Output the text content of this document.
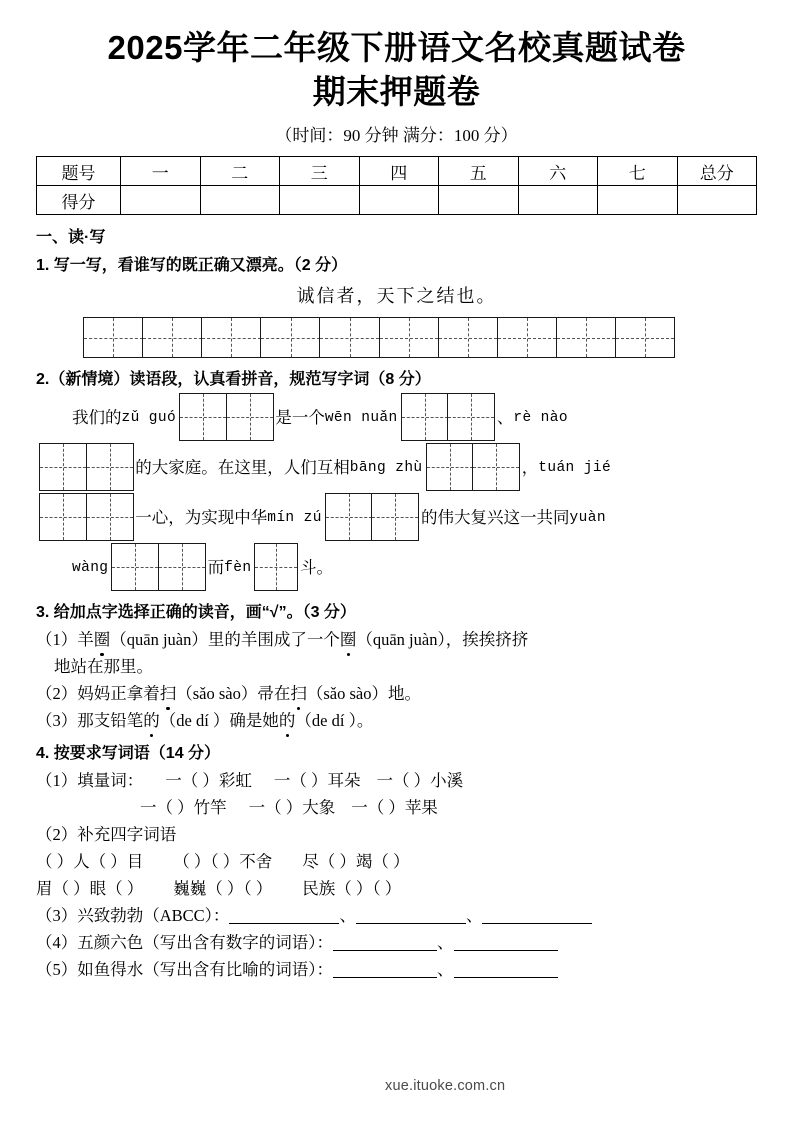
2025学年二年级下册语文名校真题试卷
期末押题卷
（时间：90 分钟 满分：100 分）
题号	一	二	三	四	五	六	七	总分
得分								
一、读·写
1. 写一写，看谁写的既正确又漂亮。（2 分）
诚信者，天下之结也。
2.（新情境）读语段，认真看拼音，规范写字词（8 分）
我们的 zǔ guó	是一个 wēn nuǎn	、 rè nào
的大家庭。在这里，人们互相 bāng zhù	， tuán jié
一心，为实现中华 mín zú	的伟大复兴这一共同 yuàn
wàng	而 fèn	斗。
3. 给加点字选择正确的读音，画“√”。（3 分）
（1）羊圈（quān juàn）里的羊围成了一个圈（quān juàn），挨挨挤挤
地站在那里。
（2）妈妈正拿着扫（sǎo sào）帚在扫（sǎo sào）地。
（3）那支铅笔的（de dí ）确是她的（de dí ）。
4. 按要求写词语（14 分）
（1）填量词： 一（ ）彩虹 一（ ）耳朵 一（ ）小溪
一（ ）竹竿 一（ ）大象 一（ ）苹果
（2）补充四字词语
（ ）人（ ）目 （ ）（ ）不舍 尽（ ）竭（ ）
眉（ ）眼（ ） 巍巍（ ）（ ） 民族（ ）（ ）
（3）兴致勃勃（ABCC）：	、	、
（4）五颜六色（写出含有数字的词语）：	、
（5）如鱼得水（写出含有比喻的词语）：	、
xue.ituoke.com.cn
